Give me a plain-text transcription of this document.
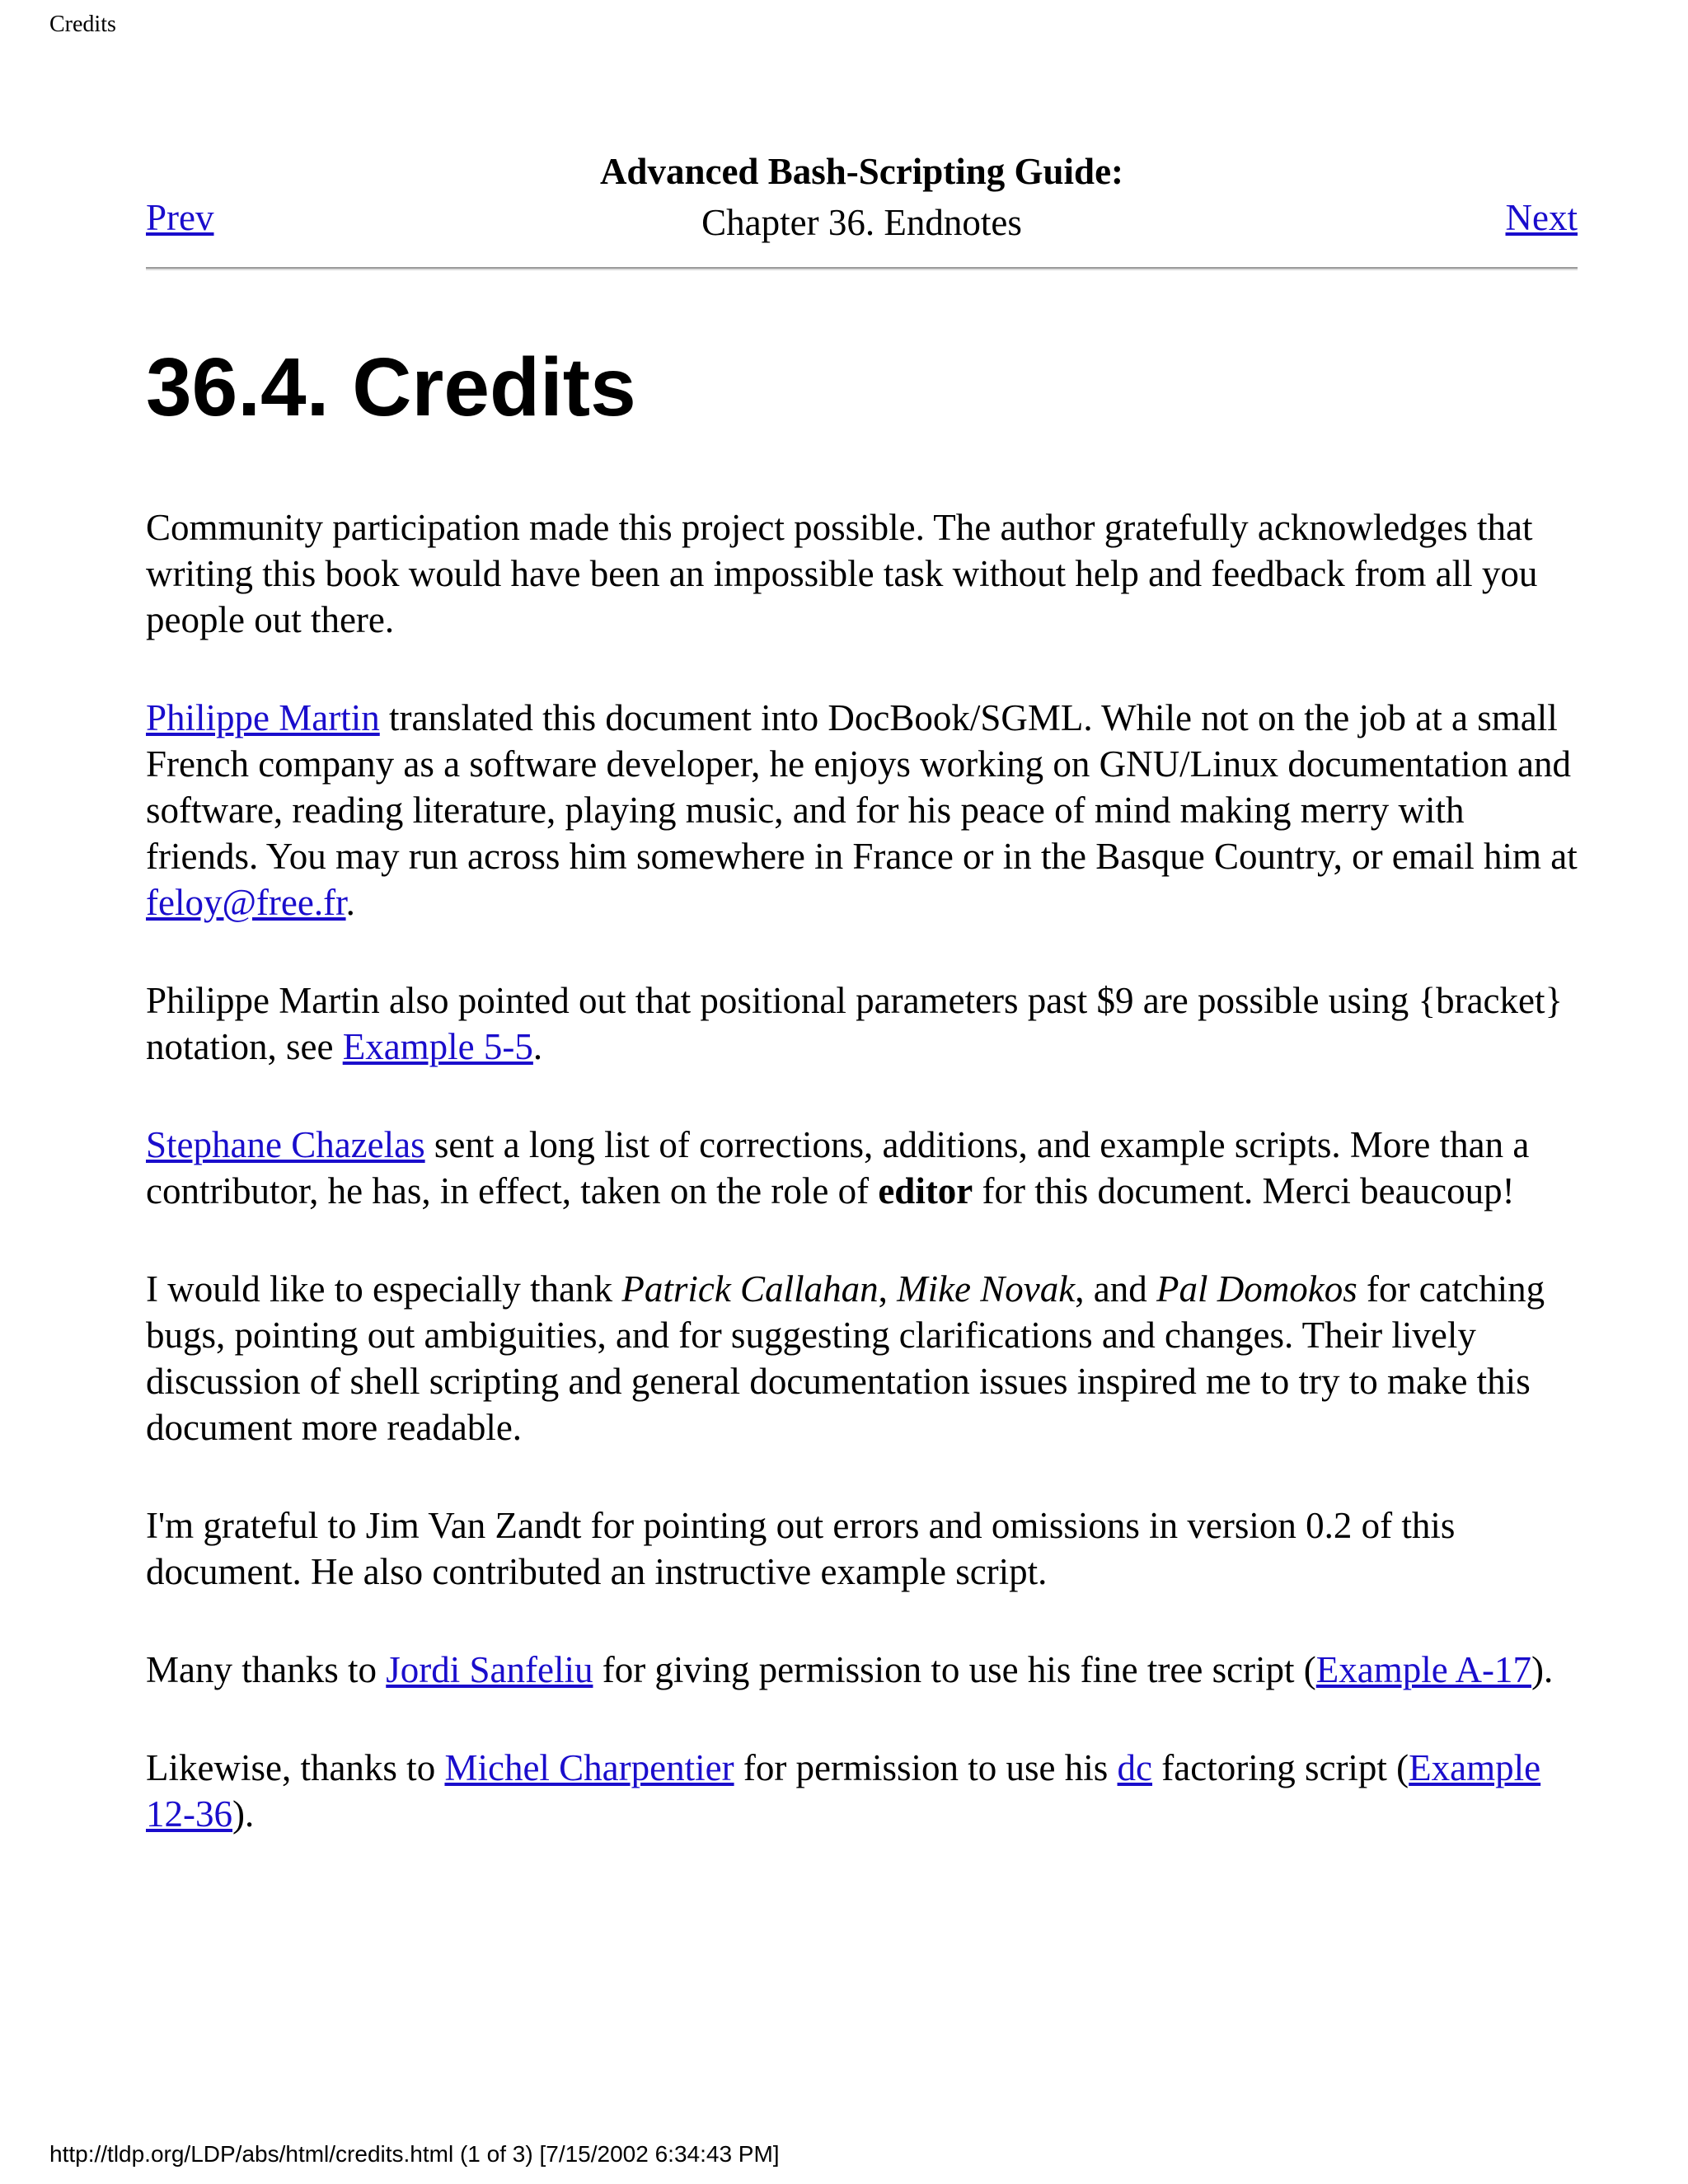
Credits
Advanced Bash-Scripting Guide:
Chapter 36. Endnotes
Prev	Next
36.4. Credits

Community participation made this project possible. The author gratefully acknowledges that writing this book would have been an impossible task without help and feedback from all you people out there.

Philippe Martin translated this document into DocBook/SGML. While not on the job at a small French company as a software developer, he enjoys working on GNU/Linux documentation and software, reading literature, playing music, and for his peace of mind making merry with friends. You may run across him somewhere in France or in the Basque Country, or email him at feloy@free.fr.

Philippe Martin also pointed out that positional parameters past $9 are possible using {bracket} notation, see Example 5-5.

Stephane Chazelas sent a long list of corrections, additions, and example scripts. More than a contributor, he has, in effect, taken on the role of editor for this document. Merci beaucoup!

I would like to especially thank Patrick Callahan, Mike Novak, and Pal Domokos for catching bugs, pointing out ambiguities, and for suggesting clarifications and changes. Their lively discussion of shell scripting and general documentation issues inspired me to try to make this document more readable.

I'm grateful to Jim Van Zandt for pointing out errors and omissions in version 0.2 of this document. He also contributed an instructive example script.

Many thanks to Jordi Sanfeliu for giving permission to use his fine tree script (Example A-17).

Likewise, thanks to Michel Charpentier for permission to use his dc factoring script (Example 12-36).

http://tldp.org/LDP/abs/html/credits.html (1 of 3) [7/15/2002 6:34:43 PM]
